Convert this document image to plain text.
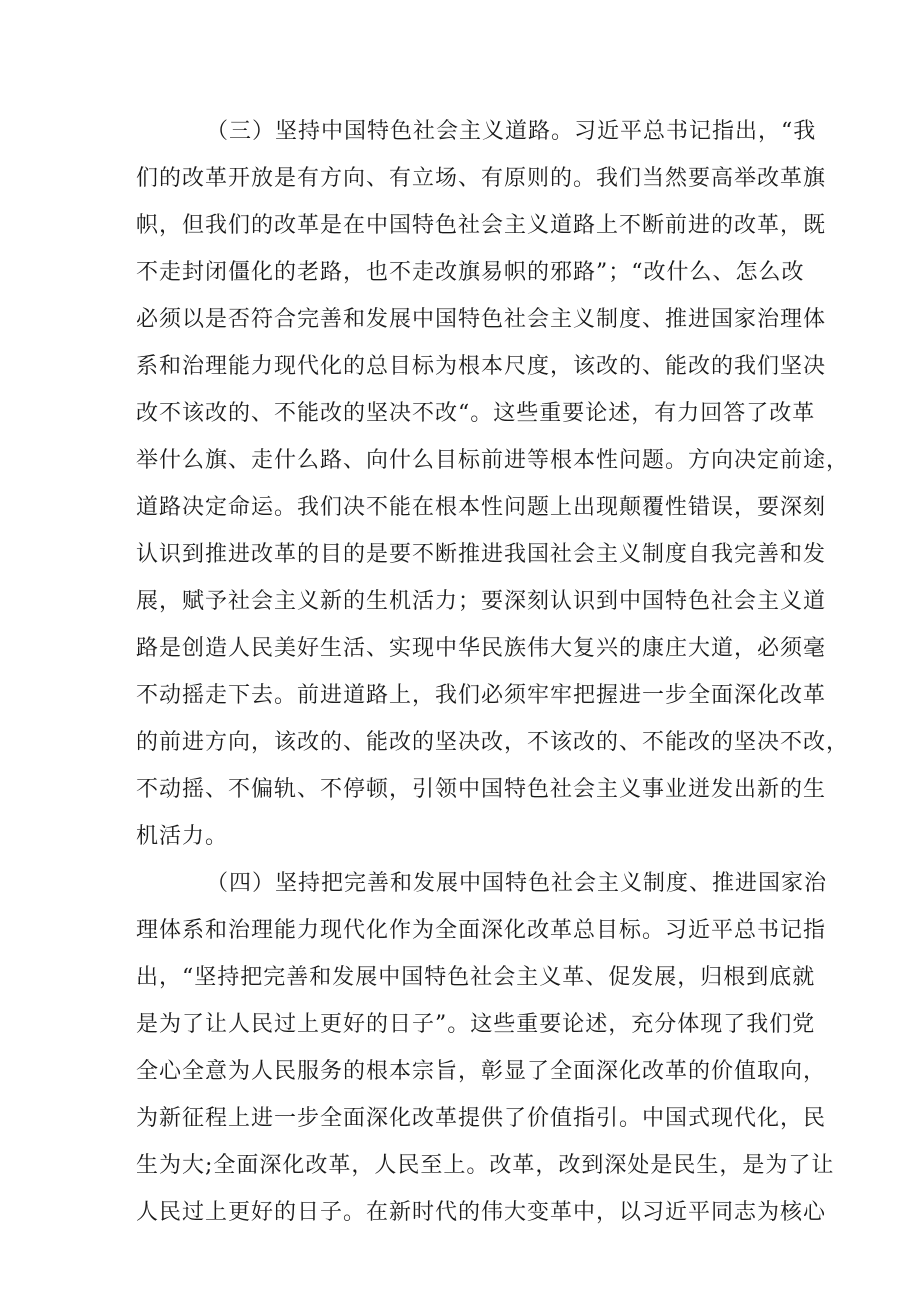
（三）坚持中国特色社会主义道路。习近平总书记指出，“我
们的改革开放是有方向、有立场、有原则的。我们当然要高举改革旗
帜，但我们的改革是在中国特色社会主义道路上不断前进的改革，既
不走封闭僵化的老路，也不走改旗易帜的邪路”；“改什么、怎么改
必须以是否符合完善和发展中国特色社会主义制度、推进国家治理体
系和治理能力现代化的总目标为根本尺度，该改的、能改的我们坚决
改不该改的、不能改的坚决不改“。这些重要论述，有力回答了改革
举什么旗、走什么路、向什么目标前进等根本性问题。方向决定前途，
道路决定命运。我们决不能在根本性问题上出现颠覆性错误，要深刻
认识到推进改革的目的是要不断推进我国社会主义制度自我完善和发
展，赋予社会主义新的生机活力；要深刻认识到中国特色社会主义道
路是创造人民美好生活、实现中华民族伟大复兴的康庄大道，必须毫
不动摇走下去。前进道路上，我们必须牢牢把握进一步全面深化改革
的前进方向，该改的、能改的坚决改，不该改的、不能改的坚决不改，
不动摇、不偏轨、不停顿，引领中国特色社会主义事业迸发出新的生
机活力。
（四）坚持把完善和发展中国特色社会主义制度、推进国家治
理体系和治理能力现代化作为全面深化改革总目标。习近平总书记指
出，“坚持把完善和发展中国特色社会主义革、促发展，归根到底就
是为了让人民过上更好的日子”。这些重要论述，充分体现了我们党
全心全意为人民服务的根本宗旨，彰显了全面深化改革的价值取向，
为新征程上进一步全面深化改革提供了价值指引。中国式现代化，民
生为大;全面深化改革，人民至上。改革，改到深处是民生，是为了让
人民过上更好的日子。在新时代的伟大变革中，以习近平同志为核心
